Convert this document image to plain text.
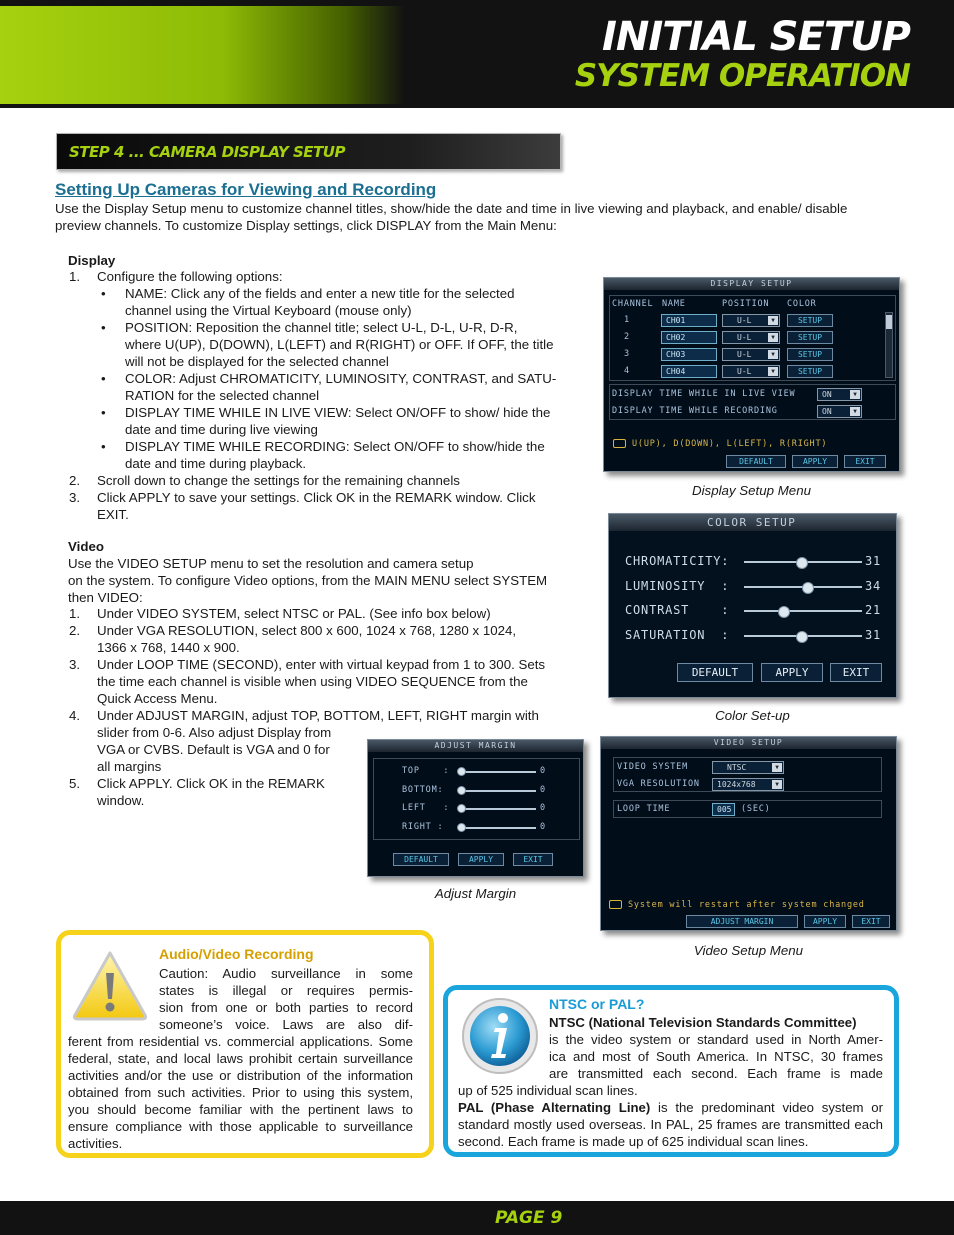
INITIAL SETUP
SYSTEM OPERATION
STEP 4 ... CAMERA DISPLAY SETUP
Setting Up Cameras for Viewing and Recording
Use the Display Setup menu to customize channel titles, show/hide the date and time in live viewing and playback, and enable/ disable preview channels. To customize Display settings, click DISPLAY from the Main Menu:
Display
1. Configure the following options:
• NAME: Click any of the fields and enter a new title for the selected
channel using the Virtual Keyboard (mouse only)
• POSITION: Reposition the channel title; select U-L, D-L, U-R, D-R,
where U(UP), D(DOWN), L(LEFT) and R(RIGHT) or OFF. If OFF, the title
will not be displayed for the selected channel
• COLOR: Adjust CHROMATICITY, LUMINOSITY, CONTRAST, and SATU-
RATION for the selected channel
• DISPLAY TIME WHILE IN LIVE VIEW: Select ON/OFF to show/ hide the
date and time during live viewing
• DISPLAY TIME WHILE RECORDING: Select ON/OFF to show/hide the
date and time during playback.
2. Scroll down to change the settings for the remaining channels
3. Click APPLY to save your settings. Click OK in the REMARK window. Click
EXIT.
Video
Use the VIDEO SETUP menu to set the resolution and camera setup
on the system. To configure Video options, from the MAIN MENU select SYSTEM
then VIDEO:
1. Under VIDEO SYSTEM, select NTSC or PAL. (See info box below)
2. Under VGA RESOLUTION, select 800 x 600, 1024 x 768, 1280 x 1024,
1366 x 768, 1440 x 900.
3. Under LOOP TIME (SECOND), enter with virtual keypad from 1 to 300. Sets
the time each channel is visible when using VIDEO SEQUENCE from the
Quick Access Menu.
4. Under ADJUST MARGIN, adjust TOP, BOTTOM, LEFT, RIGHT margin with
slider from 0-6. Also adjust Display from
VGA or CVBS. Default is VGA and 0 for
all margins
5. Click APPLY. Click OK in the REMARK
window.
DISPLAY SETUP
CHANNEL NAME	POSITION COLOR
DISPLAY TIME WHILE IN LIVE VIEW	ON	▼
DISPLAY TIME WHILE RECORDING	ON	▼
U(UP), D(DOWN), L(LEFT), R(RIGHT)
DEFAULT	APPLY	EXIT
1	CH01	U-L	▼	SETUP
2	CH02	U-L	▼	SETUP
3	CH03	U-L	▼	SETUP
4	CH04	U-L	▼	SETUP
Display Setup Menu
COLOR SETUP
DEFAULT	APPLY	EXIT
CHROMATICITY:	31
LUMINOSITY  :	34
CONTRAST    :	21
SATURATION  :	31
Color Set-up
ADJUST MARGIN
DEFAULT	APPLY	EXIT
TOP    :	0
BOTTOM:	0
LEFT   :	0
RIGHT :	0
Adjust Margin
VIDEO SETUP
VIDEO SYSTEM	NTSC	▼
VGA RESOLUTION	1024x768	▼
LOOP TIME	005	(SEC)
System will restart after system changed
ADJUST MARGIN	APPLY	EXIT
Video Setup Menu
Audio/Video Recording
Caution: Audio surveillance in some
states is illegal or requires permis-
sion from one or both parties to record
someone’s voice. Laws are also dif-
ferent from residential vs. commercial applications. Some federal, state, and local laws prohibit certain surveillance activities and/or the use or distribution of the information obtained from such activities. Prior to using this system, you should become familiar with the pertinent laws to ensure compliance with those applicable to surveillance activities.
NTSC or PAL?
NTSC (National Television Standards Committee)
is the video system or standard used in North Amer-
ica and most of South America. In NTSC, 30 frames
are transmitted each second. Each frame is made
up of 525 individual scan lines.
PAL (Phase Alternating Line) is the predominant video system or standard mostly used overseas. In PAL, 25 frames are transmitted each second. Each frame is made up of 625 individual scan lines.
PAGE 9
